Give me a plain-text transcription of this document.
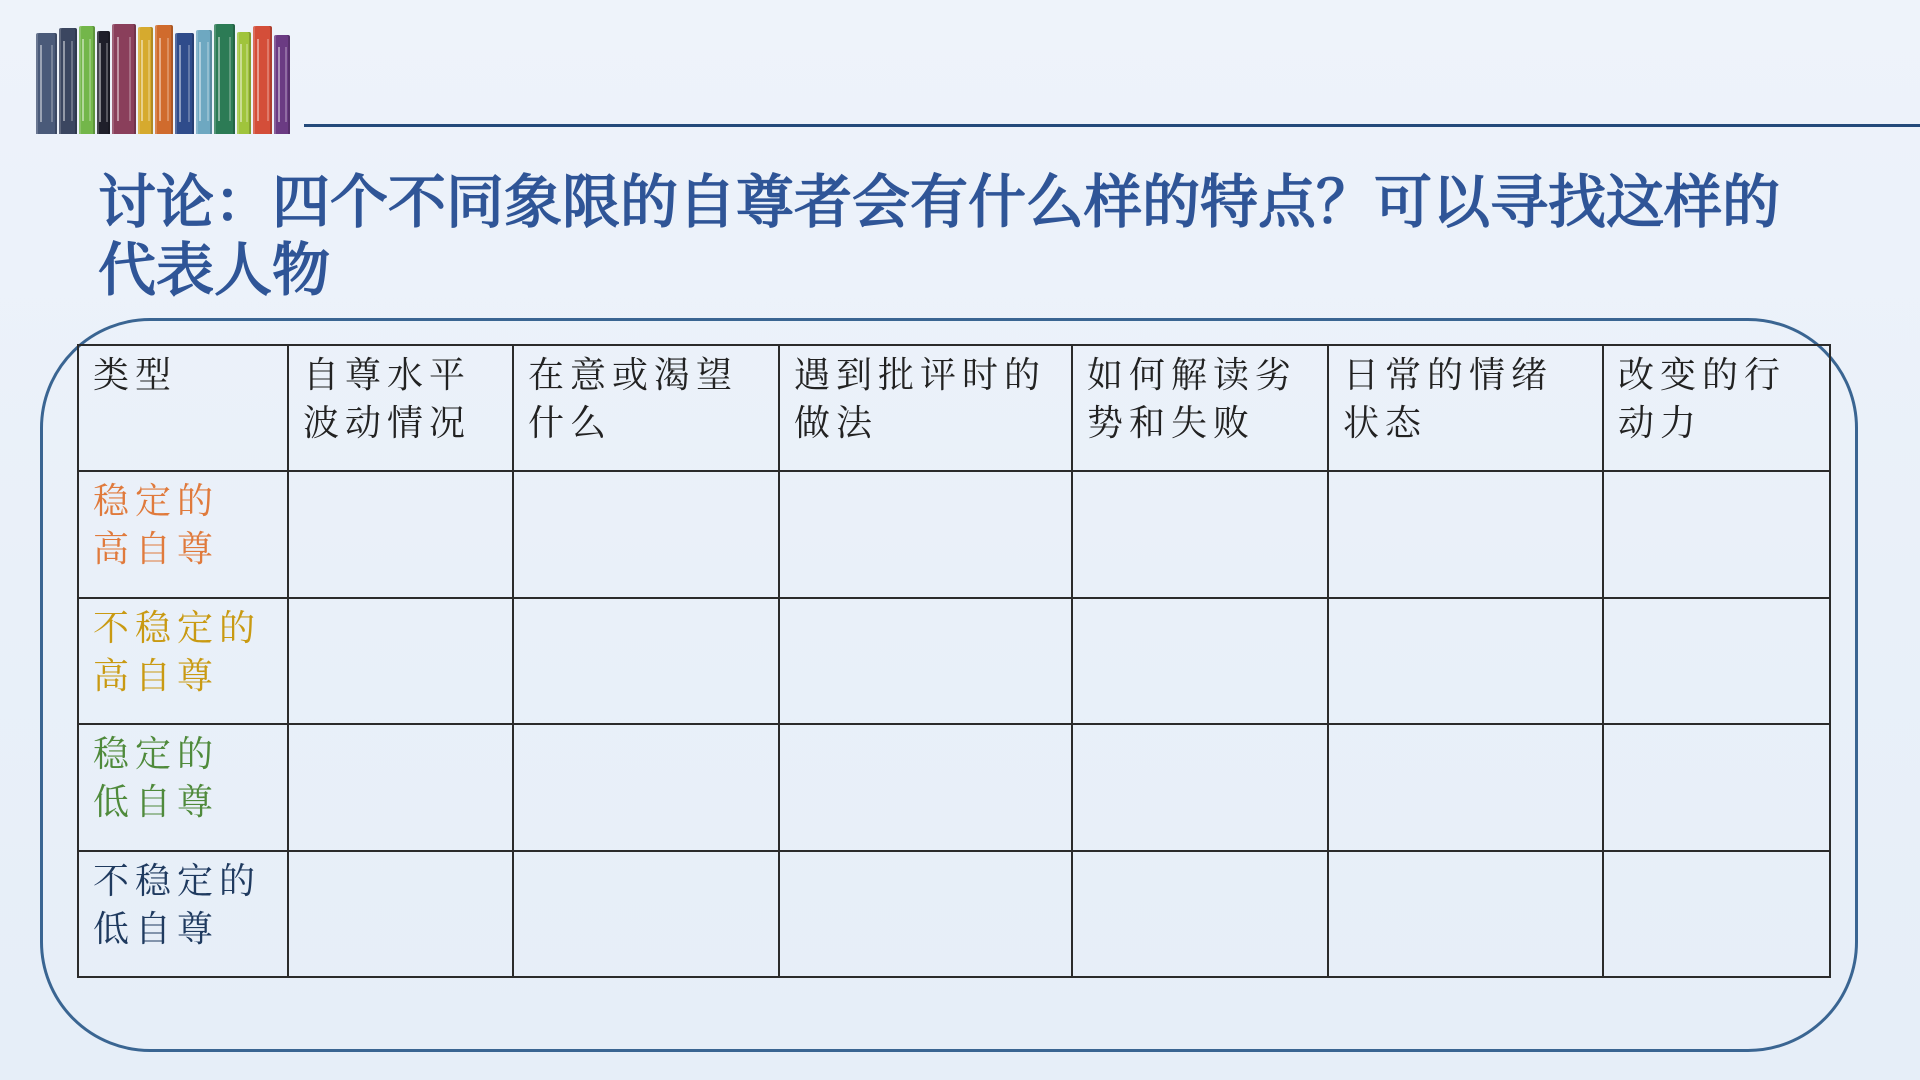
讨论：四个不同象限的自尊者会有什么样的特点？可以寻找这样的代表人物
类型	自尊水平波动情况	在意或渴望什么	遇到批评时的做法	如何解读劣势和失败	日常的情绪状态	改变的行动力

稳定的
高自尊						

不稳定的
高自尊						

稳定的
低自尊						

不稳定的
低自尊						
